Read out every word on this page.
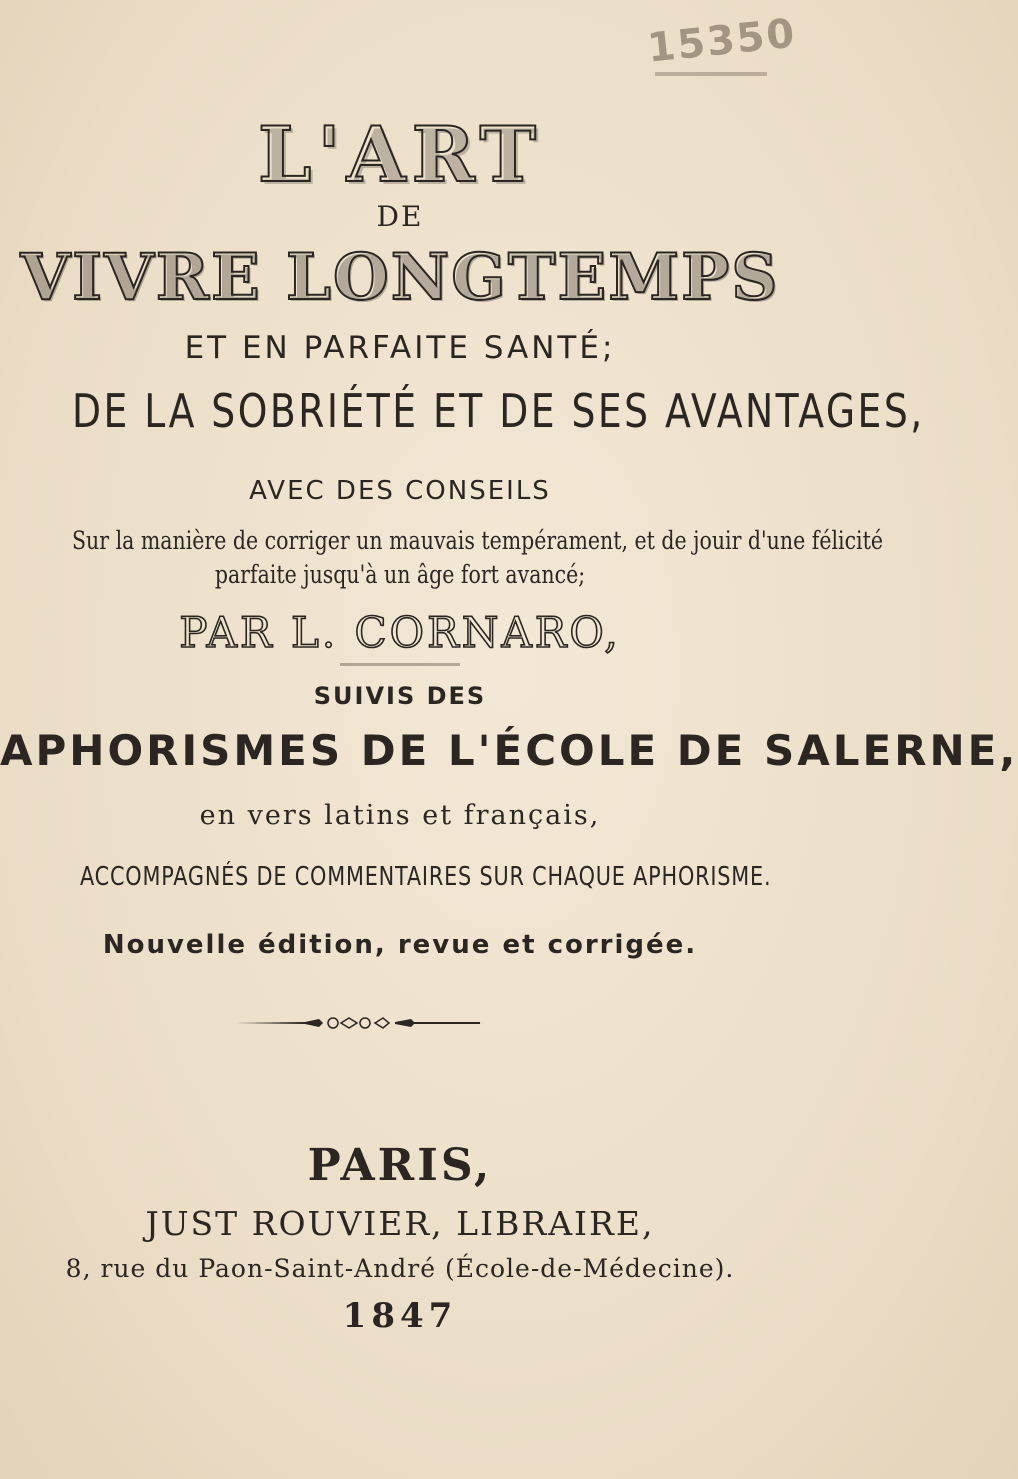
15350
L'ART
DE
VIVRE LONGTEMPS
ET EN PARFAITE SANTÉ;
DE LA SOBRIÉTÉ ET DE SES AVANTAGES,
AVEC DES CONSEILS
Sur la manière de corriger un mauvais tempérament, et de jouir d'une félicité
parfaite jusqu'à un âge fort avancé;
PAR L. CORNARO,
SUIVIS DES
APHORISMES DE L'ÉCOLE DE SALERNE,
en vers latins et français,
ACCOMPAGNÉS DE COMMENTAIRES SUR CHAQUE APHORISME.
Nouvelle édition, revue et corrigée.
PARIS,
JUST ROUVIER, LIBRAIRE,
8, rue du Paon-Saint-André (École-de-Médecine).
1847
